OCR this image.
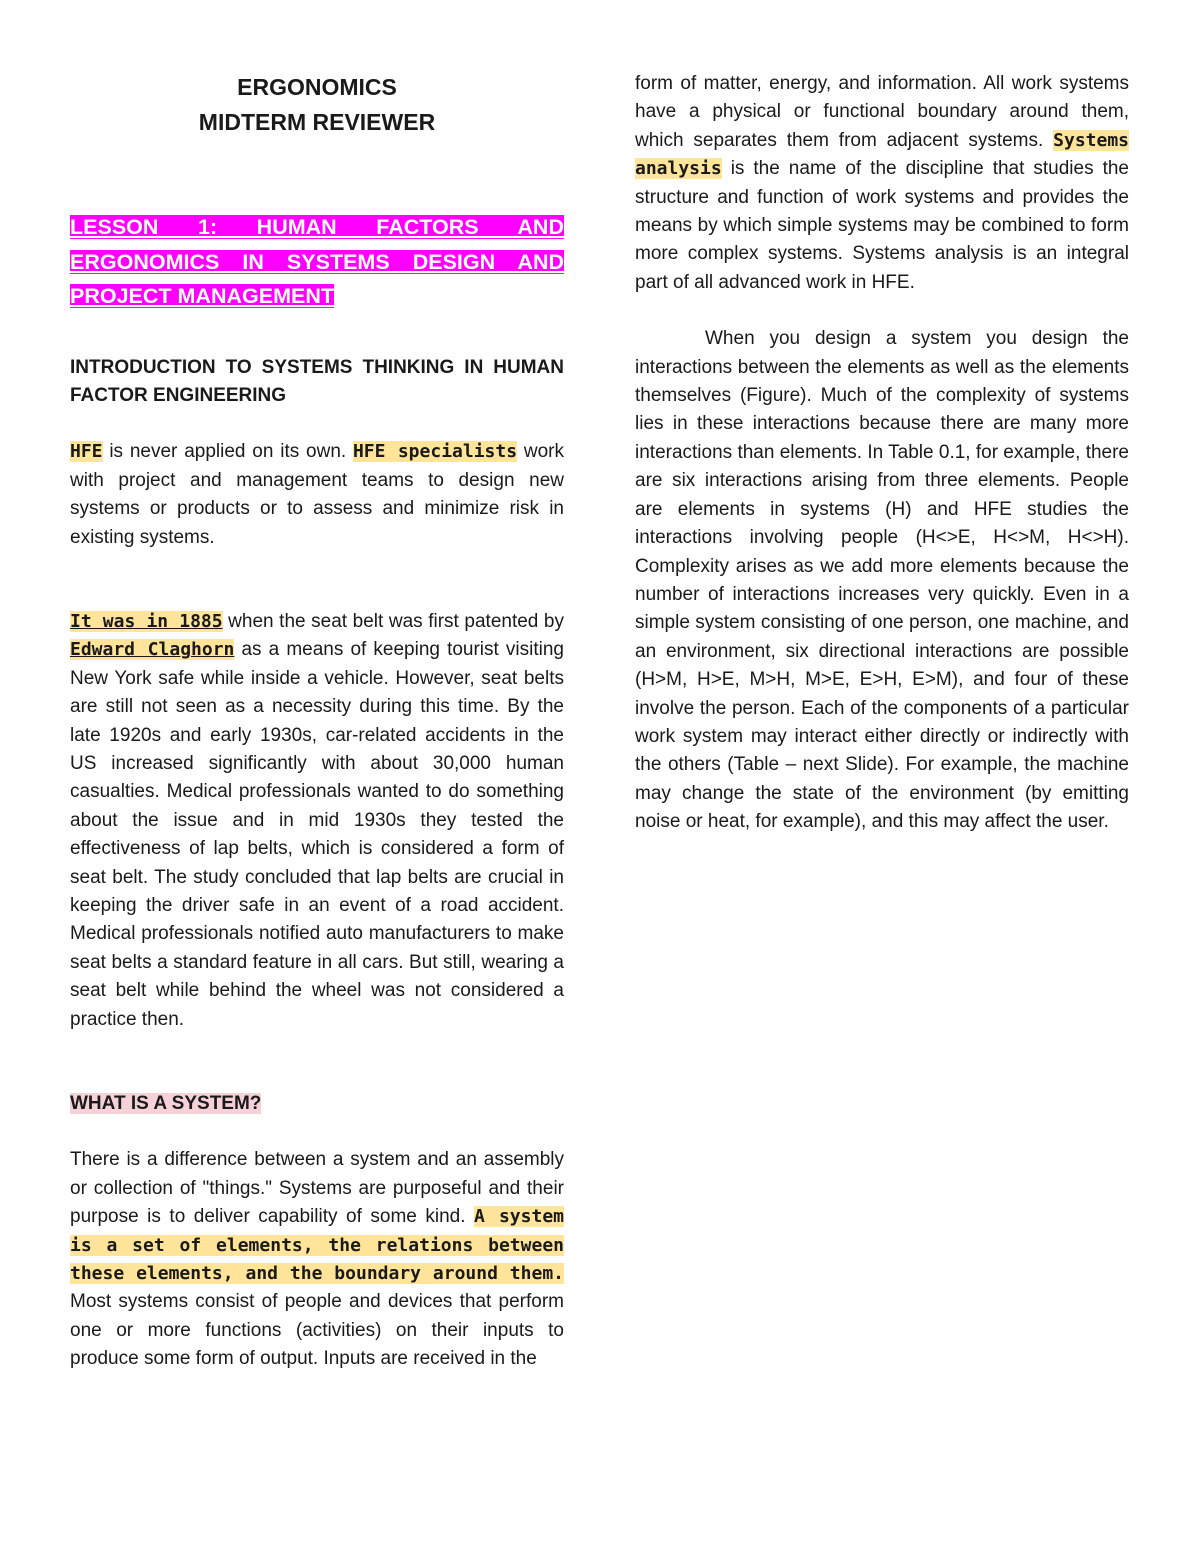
ERGONOMICS
MIDTERM REVIEWER
LESSON 1: HUMAN FACTORS AND ERGONOMICS IN SYSTEMS DESIGN AND PROJECT MANAGEMENT
INTRODUCTION TO SYSTEMS THINKING IN HUMAN FACTOR ENGINEERING

HFE is never applied on its own. HFE specialists work with project and management teams to design new systems or products or to assess and minimize risk in existing systems.

It was in 1885 when the seat belt was first patented by Edward Claghorn as a means of keeping tourist visiting New York safe while inside a vehicle. However, seat belts are still not seen as a necessity during this time. By the late 1920s and early 1930s, car-related accidents in the US increased significantly with about 30,000 human casualties. Medical professionals wanted to do something about the issue and in mid 1930s they tested the effectiveness of lap belts, which is considered a form of seat belt. The study concluded that lap belts are crucial in keeping the driver safe in an event of a road accident. Medical professionals notified auto manufacturers to make seat belts a standard feature in all cars. But still, wearing a seat belt while behind the wheel was not considered a practice then.

WHAT IS A SYSTEM?

There is a difference between a system and an assembly or collection of "things." Systems are purposeful and their purpose is to deliver capability of some kind. A system is a set of elements, the relations between these elements, and the boundary around them. Most systems consist of people and devices that perform one or more functions (activities) on their inputs to produce some form of output. Inputs are received in the

form of matter, energy, and information. All work systems have a physical or functional boundary around them, which separates them from adjacent systems. Systems analysis is the name of the discipline that studies the structure and function of work systems and provides the means by which simple systems may be combined to form more complex systems. Systems analysis is an integral part of all advanced work in HFE.

When you design a system you design the interactions between the elements as well as the elements themselves (Figure). Much of the complexity of systems lies in these interactions because there are many more interactions than elements. In Table 0.1, for example, there are six interactions arising from three elements. People are elements in systems (H) and HFE studies the interactions involving people (H<>E, H<>M, H<>H). Complexity arises as we add more elements because the number of interactions increases very quickly. Even in a simple system consisting of one person, one machine, and an environment, six directional interactions are possible (H>M, H>E, M>H, M>E, E>H, E>M), and four of these involve the person. Each of the components of a particular work system may interact either directly or indirectly with the others (Table – next Slide). For example, the machine may change the state of the environment (by emitting noise or heat, for example), and this may affect the user.
